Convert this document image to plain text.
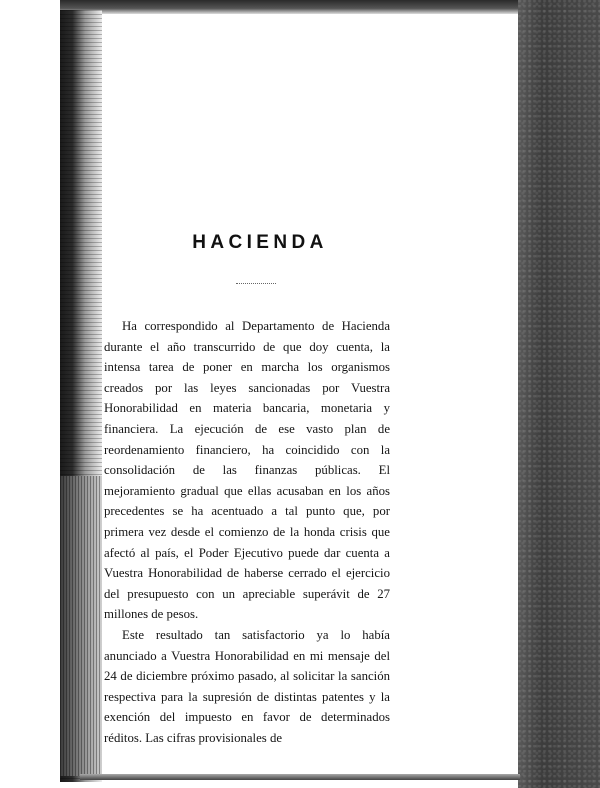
HACIENDA

Ha correspondido al Departamento de Hacienda durante el año transcurrido de que doy cuenta, la intensa tarea de poner en marcha los organismos creados por las leyes sancionadas por Vuestra Honorabilidad en materia bancaria, monetaria y financiera. La ejecución de ese vasto plan de reordenamiento financiero, ha coincidido con la consolidación de las finanzas públicas. El mejoramiento gradual que ellas acusaban en los años precedentes se ha acentuado a tal punto que, por primera vez desde el comienzo de la honda crisis que afectó al país, el Poder Ejecutivo puede dar cuenta a Vuestra Honorabilidad de haberse cerrado el ejercicio del presupuesto con un apreciable superávit de 27 millones de pesos.

Este resultado tan satisfactorio ya lo había anunciado a Vuestra Honorabilidad en mi mensaje del 24 de diciembre próximo pasado, al solicitar la sanción respectiva para la supresión de distintas patentes y la exención del impuesto en favor de determinados réditos. Las cifras provisionales de
